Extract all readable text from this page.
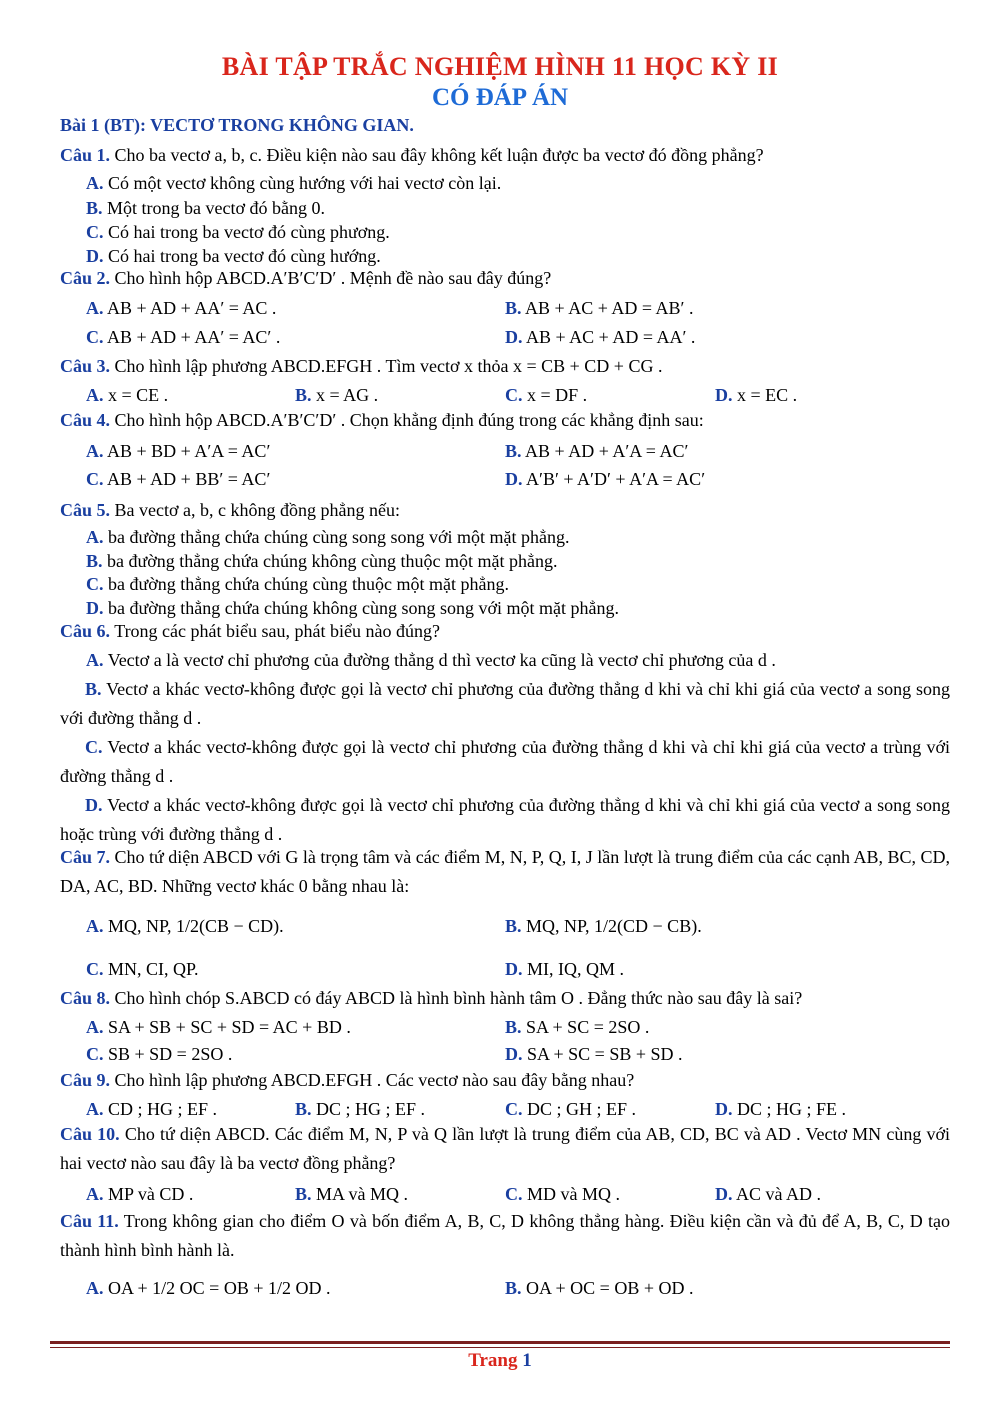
BÀI TẬP TRẮC NGHIỆM HÌNH 11 HỌC KỲ II
CÓ ĐÁP ÁN
Bài 1 (BT): VECTƠ TRONG KHÔNG GIAN.
Câu 1. Cho ba vectơ a, b, c. Điều kiện nào sau đây không kết luận được ba vectơ đó đồng phẳng?
A. Có một vectơ không cùng hướng với hai vectơ còn lại.
B. Một trong ba vectơ đó bằng 0.
C. Có hai trong ba vectơ đó cùng phương.
D. Có hai trong ba vectơ đó cùng hướng.
Câu 2. Cho hình hộp ABCD.A′B′C′D′ . Mệnh đề nào sau đây đúng?
A. AB + AD + AA′ = AC .	B. AB + AC + AD = AB′ .
C. AB + AD + AA′ = AC′ .	D. AB + AC + AD = AA′ .
Câu 3. Cho hình lập phương ABCD.EFGH . Tìm vectơ x thỏa x = CB + CD + CG .
A. x = CE .	B. x = AG .	C. x = DF .	D. x = EC .
Câu 4. Cho hình hộp ABCD.A′B′C′D′ . Chọn khẳng định đúng trong các khẳng định sau:
A. AB + BD + A′A = AC′	B. AB + AD + A′A = AC′
C. AB + AD + BB′ = AC′	D. A′B′ + A′D′ + A′A = AC′
Câu 5. Ba vectơ a, b, c không đồng phẳng nếu:
A. ba đường thẳng chứa chúng cùng song song với một mặt phẳng.
B. ba đường thẳng chứa chúng không cùng thuộc một mặt phẳng.
C. ba đường thẳng chứa chúng cùng thuộc một mặt phẳng.
D. ba đường thẳng chứa chúng không cùng song song với một mặt phẳng.
Câu 6. Trong các phát biểu sau, phát biểu nào đúng?
A. Vectơ a là vectơ chỉ phương của đường thẳng d thì vectơ ka cũng là vectơ chỉ phương của d .
B. Vectơ a khác vectơ-không được gọi là vectơ chỉ phương của đường thẳng d khi và chỉ khi giá của vectơ a song song với đường thẳng d .
C. Vectơ a khác vectơ-không được gọi là vectơ chỉ phương của đường thẳng d khi và chỉ khi giá của vectơ a trùng với đường thẳng d .
D. Vectơ a khác vectơ-không được gọi là vectơ chỉ phương của đường thẳng d khi và chỉ khi giá của vectơ a song song hoặc trùng với đường thẳng d .
Câu 7. Cho tứ diện ABCD với G là trọng tâm và các điểm M, N, P, Q, I, J lần lượt là trung điểm của các cạnh AB, BC, CD, DA, AC, BD. Những vectơ khác 0 bằng nhau là:
A. MQ, NP, 1/2(CB − CD).	B. MQ, NP, 1/2(CD − CB).
C. MN, CI, QP.	D. MI, IQ, QM .
Câu 8. Cho hình chóp S.ABCD có đáy ABCD là hình bình hành tâm O . Đẳng thức nào sau đây là sai?
A. SA + SB + SC + SD = AC + BD .	B. SA + SC = 2SO .
C. SB + SD = 2SO .	D. SA + SC = SB + SD .
Câu 9. Cho hình lập phương ABCD.EFGH . Các vectơ nào sau đây bằng nhau?
A. CD ; HG ; EF .	B. DC ; HG ; EF .	C. DC ; GH ; EF .	D. DC ; HG ; FE .
Câu 10. Cho tứ diện ABCD. Các điểm M, N, P và Q lần lượt là trung điểm của AB, CD, BC và AD . Vectơ MN cùng với hai vectơ nào sau đây là ba vectơ đồng phẳng?
A. MP và CD .	B. MA và MQ .	C. MD và MQ .	D. AC và AD .
Câu 11. Trong không gian cho điểm O và bốn điểm A, B, C, D không thẳng hàng. Điều kiện cần và đủ để A, B, C, D tạo thành hình bình hành là.
A. OA + 1/2 OC = OB + 1/2 OD .	B. OA + OC = OB + OD .
Trang 1
